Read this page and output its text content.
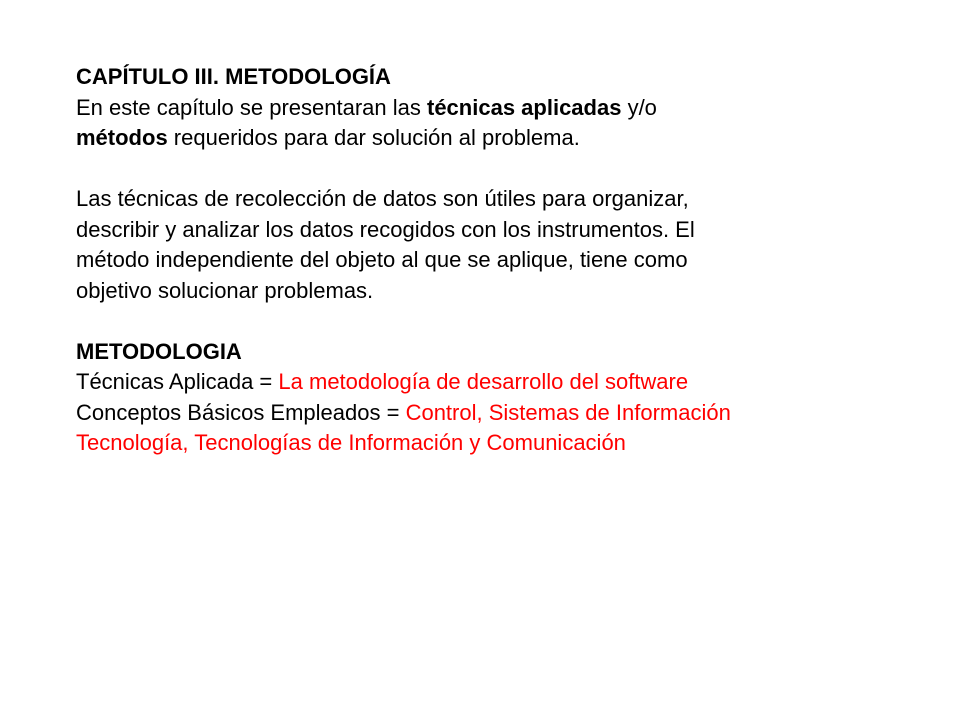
CAPÍTULO III. METODOLOGÍA
En este capítulo se presentaran las técnicas aplicadas y/o
métodos requeridos para dar solución al problema.
Las técnicas de recolección de datos son útiles para organizar,
describir y analizar los datos recogidos con los instrumentos. El
método independiente del objeto al que se aplique, tiene como
objetivo solucionar problemas.
METODOLOGIA
Técnicas Aplicada = La metodología de desarrollo del software
Conceptos Básicos Empleados = Control, Sistemas de Información
Tecnología, Tecnologías de Información y Comunicación
